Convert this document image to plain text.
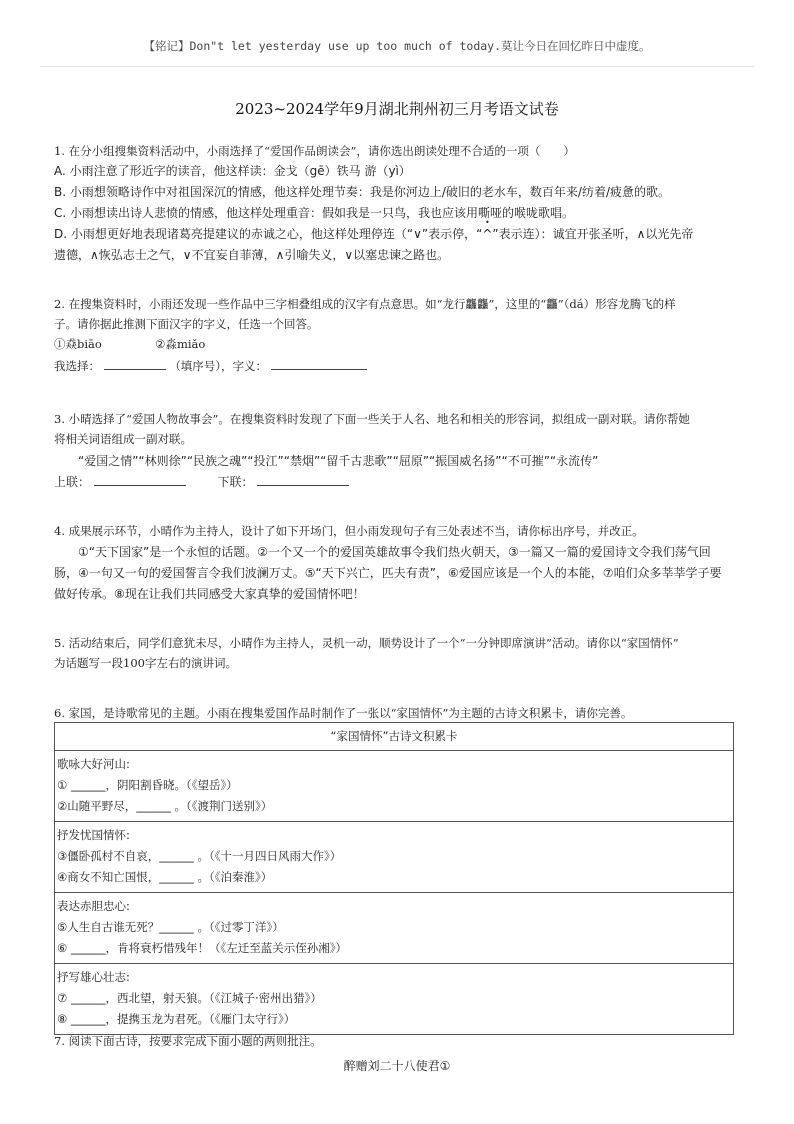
【铭记】Don"t let yesterday use up too much of today.莫让今日在回忆昨日中虚度。
2023~2024学年9月湖北荆州初三月考语文试卷
1. 在分小组搜集资料活动中，小雨选择了“爱国作品朗读会”，请你选出朗读处理不合适的一项（　　）
A. 小雨注意了形近字的读音，他这样读：金戈（gē）铁马 游（yì）
B. 小雨想领略诗作中对祖国深沉的情感，他这样处理节奏：我是你河边上/破旧的老水车，数百年来/纺着/疲惫的歌。
C. 小雨想读出诗人悲愤的情感，他这样处理重音：假如我是一只鸟，我也应该用嘶哑的喉咙歌唱。
D. 小雨想更好地表现诸葛亮提建议的赤诚之心，他这样处理停连（“∨”表示停，“
•
^”表示连）：诚宜开张圣听，∧以光先帝
遗德，∧恢弘志士之气，∨不宜妄自菲薄，∧引喻失义，∨以塞忠谏之路也。
2. 在搜集资料时，小雨还发现一些作品中三字相叠组成的汉字有点意思。如“龙行龘龘”，这里的“龘”（dá）形容龙腾飞的样
子。请你据此推测下面汉字的字义，任选一个回答。
①猋biāo	②淼miǎo
我选择：	（填序号），字义：
3. 小晴选择了“爱国人物故事会”。在搜集资料时发现了下面一些关于人名、地名和相关的形容词，拟组成一副对联。请你帮她
将相关词语组成一副对联。
“爱国之情”“林则徐”“民族之魂”“投江”“禁烟”“留千古悲歌”“屈原”“振国威名扬”“不可摧”“永流传”
上联：	下联：
4. 成果展示环节，小晴作为主持人，设计了如下开场门，但小雨发现句子有三处表述不当，请你标出序号，并改正。
①“天下国家”是一个永恒的话题。②一个又一个的爱国英雄故事令我们热火朝天，③一篇又一篇的爱国诗文令我们荡气回
肠，④一句又一句的爱国誓言令我们波澜万丈。⑤“天下兴亡，匹夫有责”，⑥爱国应该是一个人的本能，⑦咱们众多莘莘学子要
做好传承。⑧现在让我们共同感受大家真挚的爱国情怀吧！
5. 活动结束后，同学们意犹未尽，小晴作为主持人，灵机一动，顺势设计了一个“一分钟即席演讲”活动。请你以“家国情怀”
为话题写一段100字左右的演讲词。
6. 家国，是诗歌常见的主题。小雨在搜集爱国作品时制作了一张以“家国情怀”为主题的古诗文积累卡，请你完善。
“家国情怀”古诗文积累卡

歌咏大好河山:
① ______，阴阳割昏晓。（《望岳》）
②山随平野尽，______ 。（《渡荆门送别》）

抒发忧国情怀:
③僵卧孤村不自哀，______ 。（《十一月四日风雨大作》）
④商女不知亡国恨，______ 。（《泊秦淮》）

表达赤胆忠心:
⑤人生自古谁无死？______ 。（《过零丁洋》）
⑥ ______，肯将衰朽惜残年！（《左迁至蓝关示侄孙湘》）

抒写雄心壮志:
⑦ ______，西北望，射天狼。（《江城子·密州出猎》）
⑧ ______，提携玉龙为君死。（《雁门太守行》）
7. 阅读下面古诗，按要求完成下面小题的两则批注。
醉赠刘二十八使君①
